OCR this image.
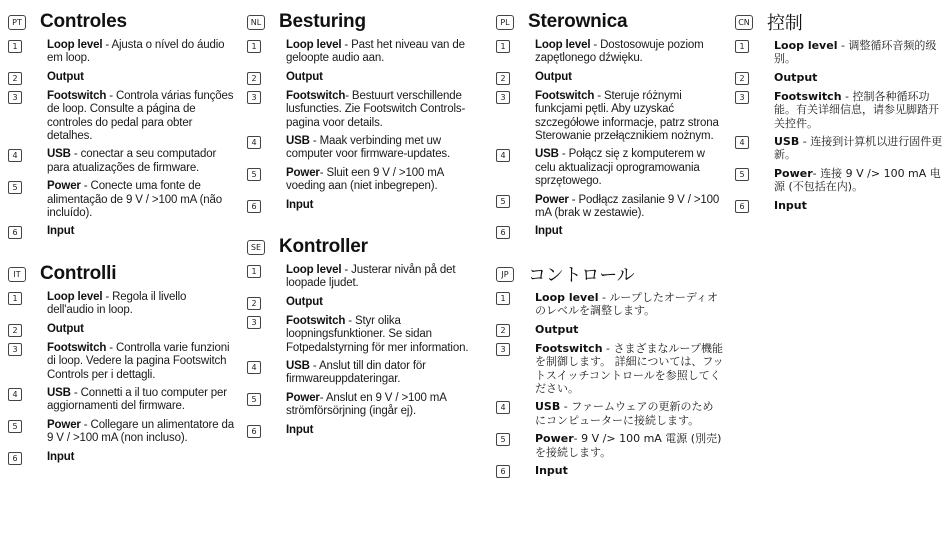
PT Controles
1	Loop level - Ajusta o nível do áudio em loop.
2	Output
3	Footswitch - Controla várias funções de loop. Consulte a página de controles do pedal para obter detalhes.
4	USB - conectar a seu computador para atualizações de firmware.
5	Power - Conecte uma fonte de alimentação de 9 V / >100 mA (não incluído).
6	Input
IT Controlli
1	Loop level - Regola il livello dell'audio in loop.
2	Output
3	Footswitch - Controlla varie funzioni di loop. Vedere la pagina Footswitch Controls per i dettagli.
4	USB - Connetti a il tuo computer per aggiornamenti del firmware.
5	Power - Collegare un alimentatore da 9 V / >100 mA (non incluso).
6	Input
NL Besturing
1	Loop level - Past het niveau van de geloopte audio aan.
2	Output
3	Footswitch- Bestuurt verschillende lusfuncties. Zie Footswitch Controls-pagina voor details.
4	USB - Maak verbinding met uw computer voor firmware-updates.
5	Power- Sluit een 9 V / >100 mA voeding aan (niet inbegrepen).
6	Input
SE Kontroller
1	Loop level - Justerar nivån på det loopade ljudet.
2	Output
3	Footswitch - Styr olika loopningsfunktioner. Se sidan Fotpedalstyrning för mer information.
4	USB - Anslut till din dator för firmwareuppdateringar.
5	Power- Anslut en 9 V / >100 mA strömförsörjning (ingår ej).
6	Input
PL Sterownica
1	Loop level - Dostosowuje poziom zapętlonego dźwięku.
2	Output
3	Footswitch - Steruje różnymi funkcjami pętli. Aby uzyskać szczegółowe informacje, patrz strona Sterowanie przełącznikiem nożnym.
4	USB - Połącz się z komputerem w celu aktualizacji oprogramowania sprzętowego.
5	Power - Podłącz zasilanie 9 V / >100 mA (brak w zestawie).
6	Input
JP	コントロール
1	Loop level - ループしたオーディオのレベルを調整します。
2	Output
3	Footswitch - さまざまなループ機能を制御します。 詳細については、フットスイッチコントロールを参照してください。
4	USB - ファームウェアの更新のためにコンピューターに接続します。
5	Power- 9 V /> 100 mA 電源 (別売) を接続します。
6	Input
CN 控制
1	Loop level - 调整循环音频的级别。
2	Output
3	Footswitch - 控制各种循环功能。有关详细信息，请参见脚踏开关控件。
4	USB - 连接到计算机以进行固件更新。
5	Power- 连接 9 V /> 100 mA 电源 (不包括在内)。
6	Input
